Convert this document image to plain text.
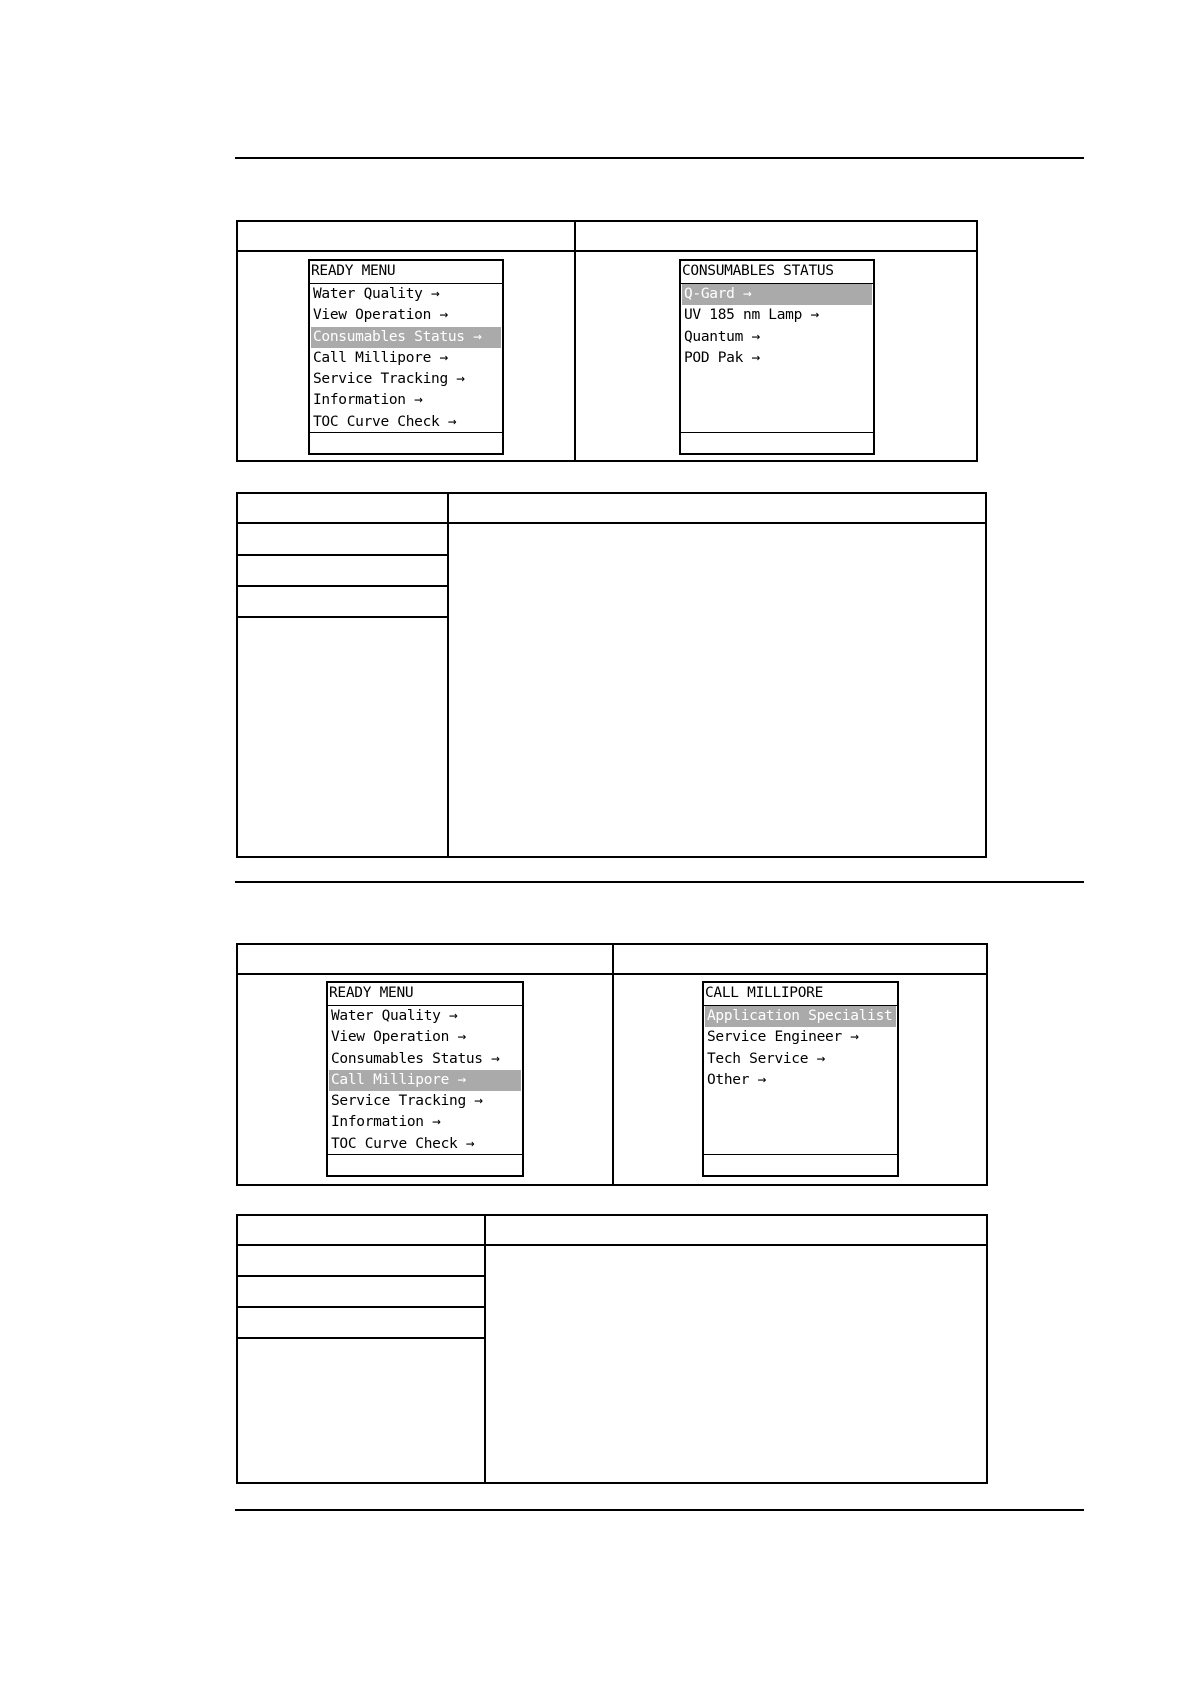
READY MENU
Water Quality →
View Operation →
Consumables Status →
Call Millipore →
Service Tracking →
Information →
TOC Curve Check →
CONSUMABLES STATUS
Q-Gard →
UV 185 nm Lamp →
Quantum →
POD Pak →
READY MENU
Water Quality →
View Operation →
Consumables Status →
Call Millipore →
Service Tracking →
Information →
TOC Curve Check →
CALL MILLIPORE
Application Specialist →
Service Engineer →
Tech Service →
Other →
